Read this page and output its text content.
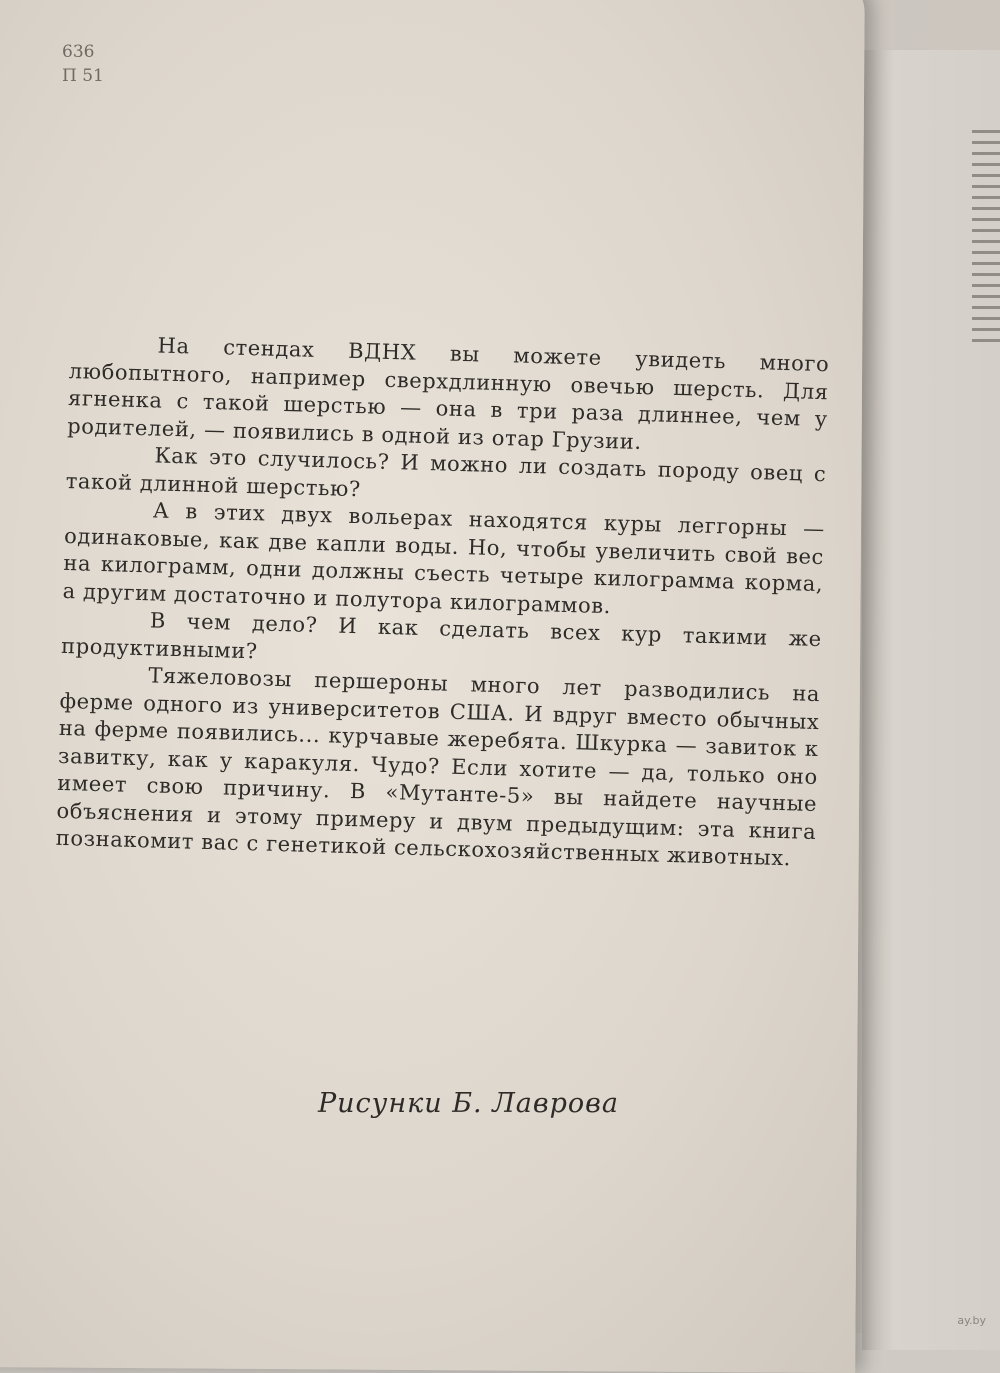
636
П 51

На стендах ВДНХ вы можете увидеть много любопытного, например сверхдлинную овечью шерсть. Для ягненка с такой шерстью — она в три раза длиннее, чем у родителей, — появились в одной из отар Грузии.

Как это случилось? И можно ли создать породу овец с такой длинной шерстью?

А в этих двух вольерах находятся куры леггорны — одинаковые, как две капли воды. Но, чтобы увеличить свой вес на килограмм, одни должны съесть четыре килограмма корма, а другим достаточно и полутора килограммов.

В чем дело? И как сделать всех кур такими же продуктивными?

Тяжеловозы першероны много лет разводились на ферме одного из университетов США. И вдруг вместо обычных на ферме появились... курчавые жеребята. Шкурка — завиток к завитку, как у каракуля. Чудо? Если хотите — да, только оно имеет свою причину. В «Мутанте-5» вы найдете научные объяснения и этому примеру и двум предыдущим: эта книга познакомит вас с генетикой сельскохозяйственных животных.

Рисунки Б. Лаврова
ay.by
